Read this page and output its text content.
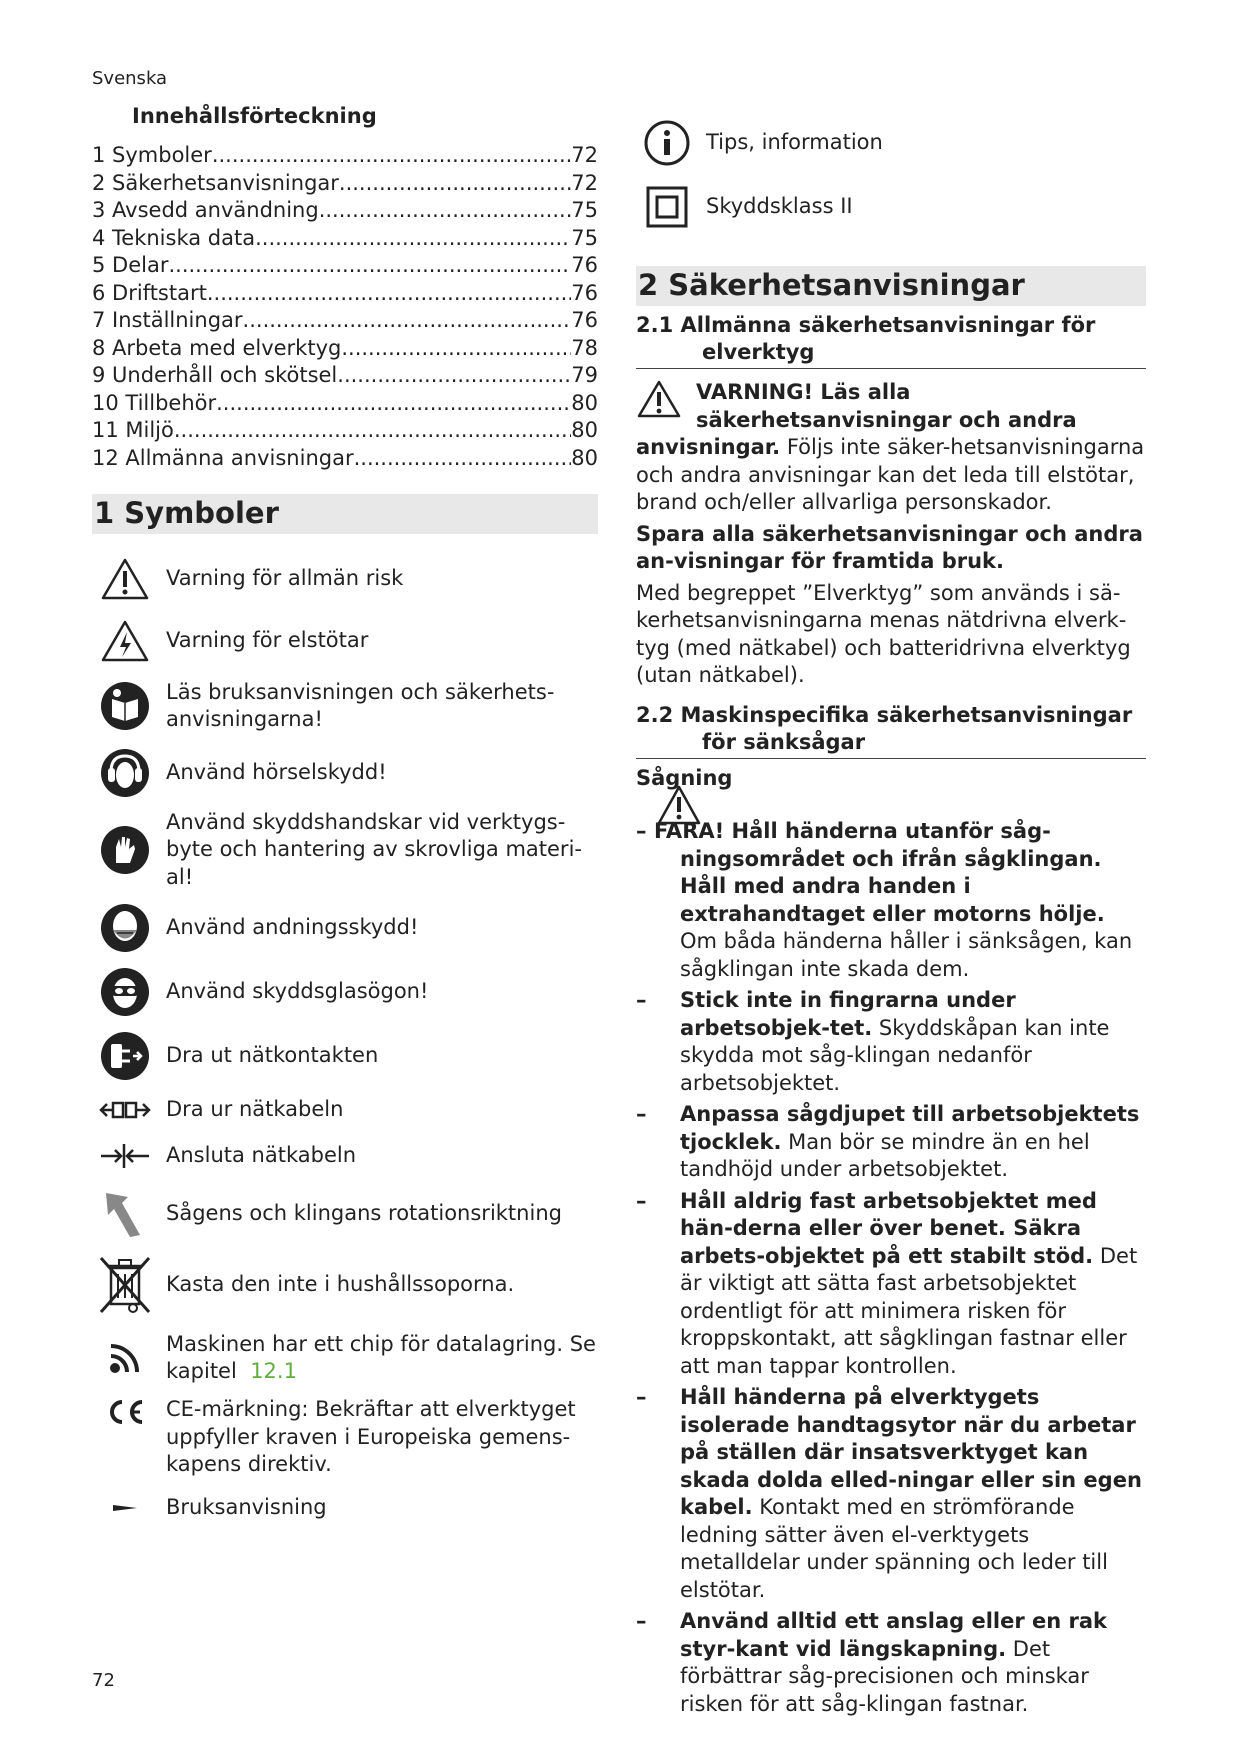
Svenska
72
Innehållsförteckning
1 Symboler .....	72
2 Säkerhetsanvisningar .....	72
3 Avsedd användning .....	75
4 Tekniska data .....	75
5 Delar .....	76
6 Driftstart .....	76
7 Inställningar .....	76
8 Arbeta med elverktyg .....	78
9 Underhåll och skötsel .....	79
10 Tillbehör .....	80
11 Miljö .....	80
12 Allmänna anvisningar .....	80
1 Symboler
Varning för allmän risk
Varning för elstötar
Läs bruksanvisningen och säkerhets-anvisningarna!
Använd hörselskydd!
Använd skyddshandskar vid verktygs-byte och hantering av skrovliga materi-al!
Använd andningsskydd!
Använd skyddsglasögon!
Dra ut nätkontakten
Dra ur nätkabeln
Ansluta nätkabeln
Sågens och klingans rotationsriktning
Kasta den inte i hushållssoporna.
Maskinen har ett chip för datalagring. Se kapitel 12.1
CE-märkning: Bekräftar att elverktyget uppfyller kraven i Europeiska gemens-kapens direktiv.
Bruksanvisning
Tips, information
Skyddsklass II
2 Säkerhetsanvisningar
2.1 Allmänna säkerhetsanvisningar för
elverktyg
VARNING! Läs alla säkerhetsanvisningar och andra anvisningar. Följs inte säker-hetsanvisningarna och andra anvisningar kan det leda till elstötar, brand och/eller allvarliga personskador.
Spara alla säkerhetsanvisningar och andra an-visningar för framtida bruk.
Med begreppet ”Elverktyg” som används i sä-kerhetsanvisningarna menas nätdrivna elverk-tyg (med nätkabel) och batteridrivna elverktyg (utan nätkabel).
2.2 Maskinspecifika säkerhetsanvisningar
för sänksågar
Sågning
– FARA! Håll händerna utanför såg-ningsområdet och ifrån sågklingan. Håll med andra handen i extrahandtaget eller motorns hölje. Om båda händerna håller i sänksågen, kan sågklingan inte skada dem.
– Stick inte in fingrarna under arbetsobjek-tet. Skyddskåpan kan inte skydda mot såg-klingan nedanför arbetsobjektet.
– Anpassa sågdjupet till arbetsobjektets tjocklek. Man bör se mindre än en hel tandhöjd under arbetsobjektet.
– Håll aldrig fast arbetsobjektet med hän-derna eller över benet. Säkra arbets-objektet på ett stabilt stöd. Det är viktigt att sätta fast arbetsobjektet ordentligt för att minimera risken för kroppskontakt, att sågklingan fastnar eller att man tappar kontrollen.
– Håll händerna på elverktygets isolerade handtagsytor när du arbetar på ställen där insatsverktyget kan skada dolda elled-ningar eller sin egen kabel. Kontakt med en strömförande ledning sätter även el-verktygets metalldelar under spänning och leder till elstötar.
– Använd alltid ett anslag eller en rak styr-kant vid längskapning. Det förbättrar såg-precisionen och minskar risken för att såg-klingan fastnar.
